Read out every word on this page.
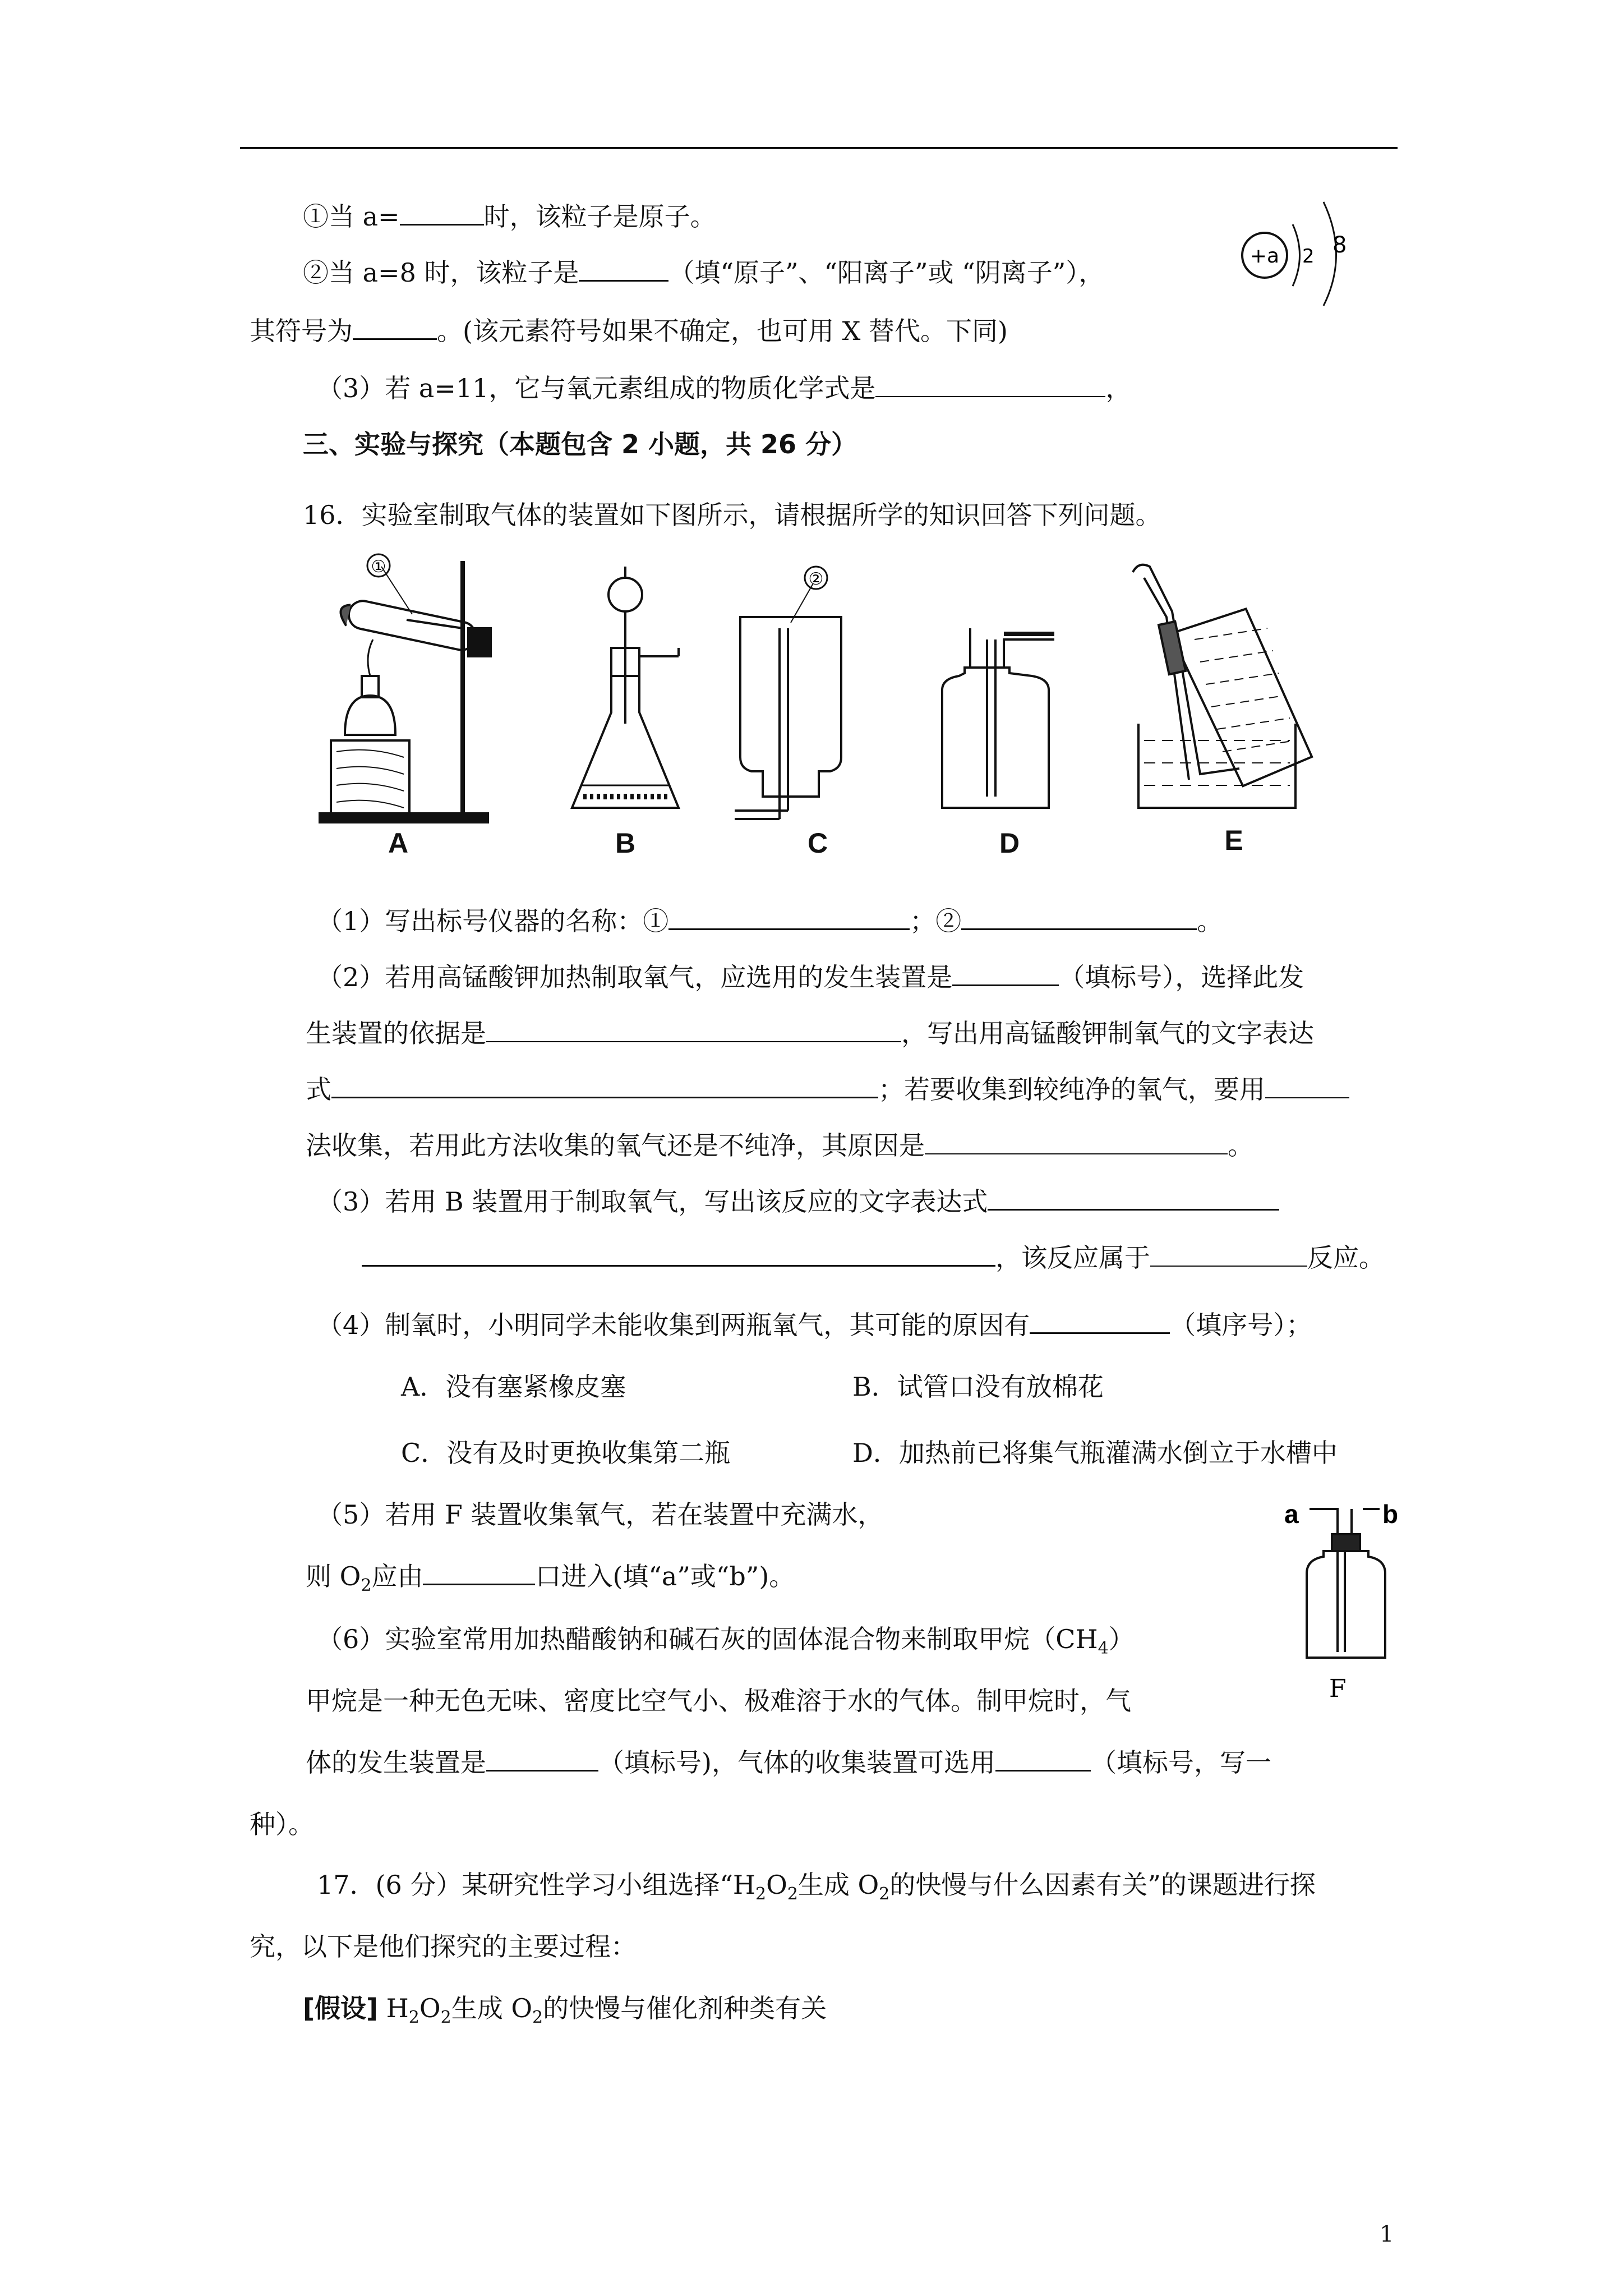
①当 a=	时，该粒子是原子。
②当 a=8 时，该粒子是	（填“原子”、“阳离子”或 “阴离子”），
其符号为	。(该元素符号如果不确定，也可用 X 替代。下同)
（3）若 a=11，它与氧元素组成的物质化学式是	，
+a 2 8
三、实验与探究（本题包含 2 小题，共 26 分）
16．实验室制取气体的装置如下图所示，请根据所学的知识回答下列问题。
①
②
A	B	C	D	E
（1）写出标号仪器的名称：①	；②	。
（2）若用高锰酸钾加热制取氧气，应选用的发生装置是	（填标号），选择此发
生装置的依据是	，写出用高锰酸钾制氧气的文字表达
式	；若要收集到较纯净的氧气，要用
法收集，若用此方法收集的氧气还是不纯净，其原因是	。
（3）若用 B 装置用于制取氧气，写出该反应的文字表达式
，该反应属于	反应。
（4）制氧时，小明同学未能收集到两瓶氧气，其可能的原因有	（填序号）；
A．没有塞紧橡皮塞	B．试管口没有放棉花
C．没有及时更换收集第二瓶	D．加热前已将集气瓶灌满水倒立于水槽中
（5）若用 F 装置收集氧气，若在装置中充满水，
则 $O_2$应由	口进入(填“a”或“b”)。
（6）实验室常用加热醋酸钠和碱石灰的固体混合物来制取甲烷$(CH_4)$
甲烷是一种无色无味、密度比空气小、极难溶于水的气体。制甲烷时，气
体的发生装置是	（填标号)，气体的收集装置可选用	（填标号，写一
种）。
a	b
F
17．(6 分）某研究性学习小组选择“$H_2O_2$生成 $O_2$的快慢与什么因素有关”的课题进行探
究，以下是他们探究的主要过程：
[假设] $H_2O_2$生成 $O_2$的快慢与催化剂种类有关
1
